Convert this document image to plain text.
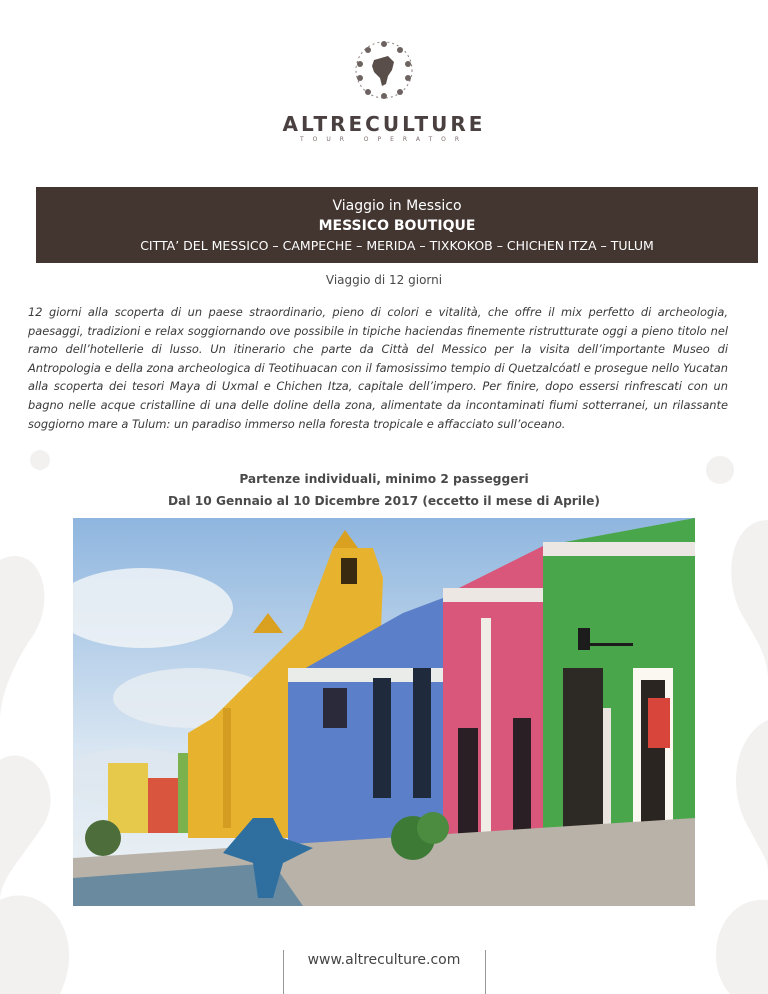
ALTRECULTURE
TOUR OPERATOR
Viaggio in Messico
MESSICO BOUTIQUE
CITTA’ DEL MESSICO – CAMPECHE – MERIDA – TIXKOKOB – CHICHEN ITZA – TULUM
Viaggio di 12 giorni
12 giorni alla scoperta di un paese straordinario, pieno di colori e vitalità, che offre il mix perfetto di archeologia, paesaggi, tradizioni e relax soggiornando ove possibile in tipiche haciendas finemente ristrutturate oggi a pieno titolo nel ramo dell’hotellerie di lusso. Un itinerario che parte da Città del Messico per la visita dell’importante Museo di Antropologia e della zona archeologica di Teotihuacan con il famosissimo tempio di Quetzalcóatl e prosegue nello Yucatan alla scoperta dei tesori Maya di Uxmal e Chichen Itza, capitale dell’impero. Per finire, dopo essersi rinfrescati con un bagno nelle acque cristalline di una delle doline della zona, alimentate da incontaminati fiumi sotterranei, un rilassante soggiorno mare a Tulum: un paradiso immerso nella foresta tropicale e affacciato sull’oceano.
Partenze individuali, minimo 2 passeggeri
Dal 10 Gennaio al 10 Dicembre 2017 (eccetto il mese di Aprile)
www.altreculture.com
